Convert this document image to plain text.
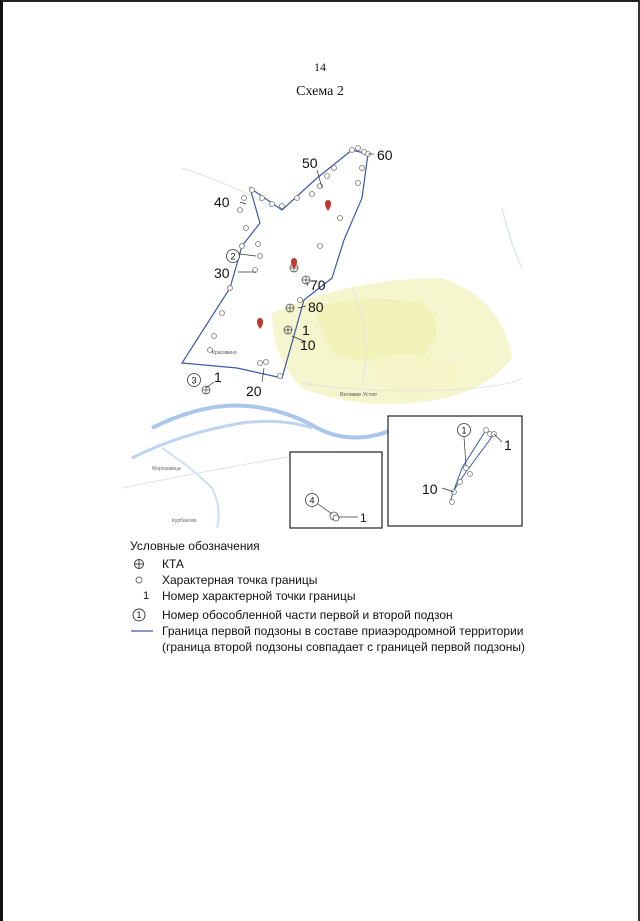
14
Схема 2
Великие Устюг
Красавино
Морозовица
Курбаново
60
50
40
30
70
80
1
10
20
1
2
3
1
1
10
4
1
Условные обозначения
КТА
Характерная точка границы
1	Номер характерной точки границы
1 Номер обособленной части первой и второй подзон
Граница первой подзоны в составе приаэродромной территории (граница второй подзоны совпадает с границей первой подзоны)
